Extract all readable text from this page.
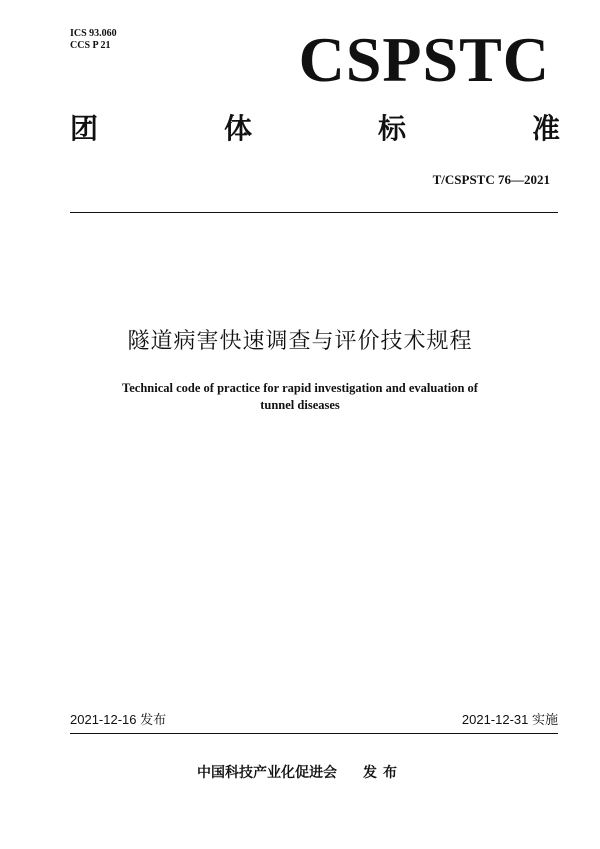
ICS 93.060
CCS P 21	CSPSTC
团	体	标	准
T/CSPSTC 76—2021
隧道病害快速调查与评价技术规程
Technical code of practice for rapid investigation and evaluation of
tunnel diseases
2021-12-16 发布	2021-12-31 实施
中国科技产业化促进会 发布
